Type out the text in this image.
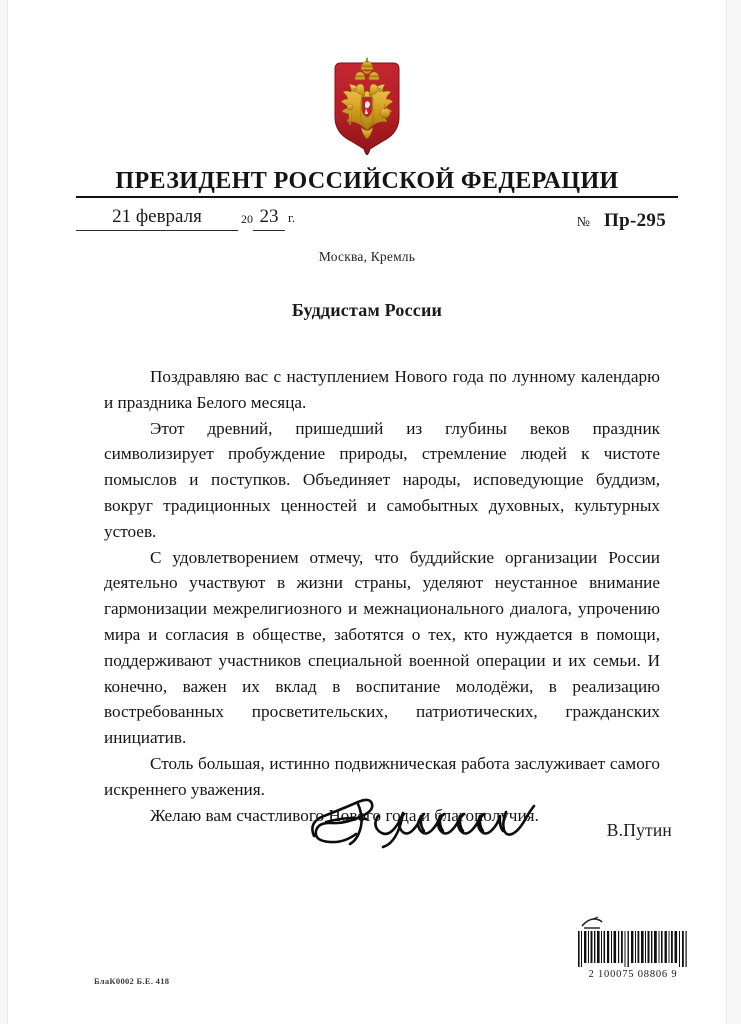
ПРЕЗИДЕНТ РОССИЙСКОЙ ФЕДЕРАЦИИ
21 февраля	20 23 г.	№ Пр-295
Москва, Кремль
Буддистам России

Поздравляю вас с наступлением Нового года по лунному календарю и праздника Белого месяца.

Этот древний, пришедший из глубины веков праздник символизирует пробуждение природы, стремление людей к чистоте помыслов и поступков. Объединяет народы, исповедующие буддизм, вокруг традиционных ценностей и самобытных духовных, культурных устоев.

С удовлетворением отмечу, что буддийские организации России деятельно участвуют в жизни страны, уделяют неустанное внимание гармонизации межрелигиозного и межнационального диалога, упрочению мира и согласия в обществе, заботятся о тех, кто нуждается в помощи, поддерживают участников специальной военной операции и их семьи. И конечно, важен их вклад в воспитание молодёжи, в реализацию востребованных просветительских, патриотических, гражданских инициатив.

Столь большая, истинно подвижническая работа заслуживает самого искреннего уважения.

Желаю вам счастливого Нового года и благополучия.

В.Путин
2 100075 08806 9
БлаК0002 Б.Е. 418
